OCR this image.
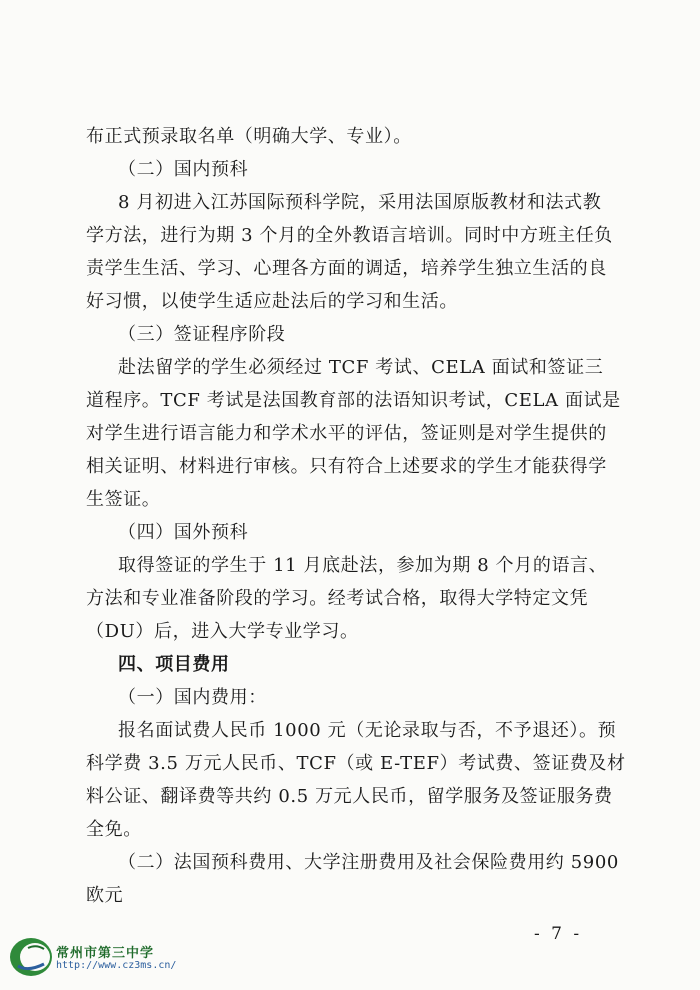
布正式预录取名单（明确大学、专业）。
（二）国内预科
8 月初进入江苏国际预科学院，采用法国原版教材和法式教
学方法，进行为期 3 个月的全外教语言培训。同时中方班主任负
责学生生活、学习、心理各方面的调适，培养学生独立生活的良
好习惯，以使学生适应赴法后的学习和生活。
（三）签证程序阶段
赴法留学的学生必须经过 TCF 考试、CELA 面试和签证三
道程序。TCF 考试是法国教育部的法语知识考试，CELA 面试是
对学生进行语言能力和学术水平的评估，签证则是对学生提供的
相关证明、材料进行审核。只有符合上述要求的学生才能获得学
生签证。
（四）国外预科
取得签证的学生于 11 月底赴法，参加为期 8 个月的语言、
方法和专业准备阶段的学习。经考试合格，取得大学特定文凭
（DU）后，进入大学专业学习。
四、项目费用
（一）国内费用：
报名面试费人民币 1000 元（无论录取与否，不予退还）。预
科学费 3.5 万元人民币、TCF（或 E-TEF）考试费、签证费及材
料公证、翻译费等共约 0.5 万元人民币，留学服务及签证服务费
全免。
（二）法国预科费用、大学注册费用及社会保险费用约 5900
欧元
- 7 -
常州市第三中学
http://www.cz3ms.cn/
